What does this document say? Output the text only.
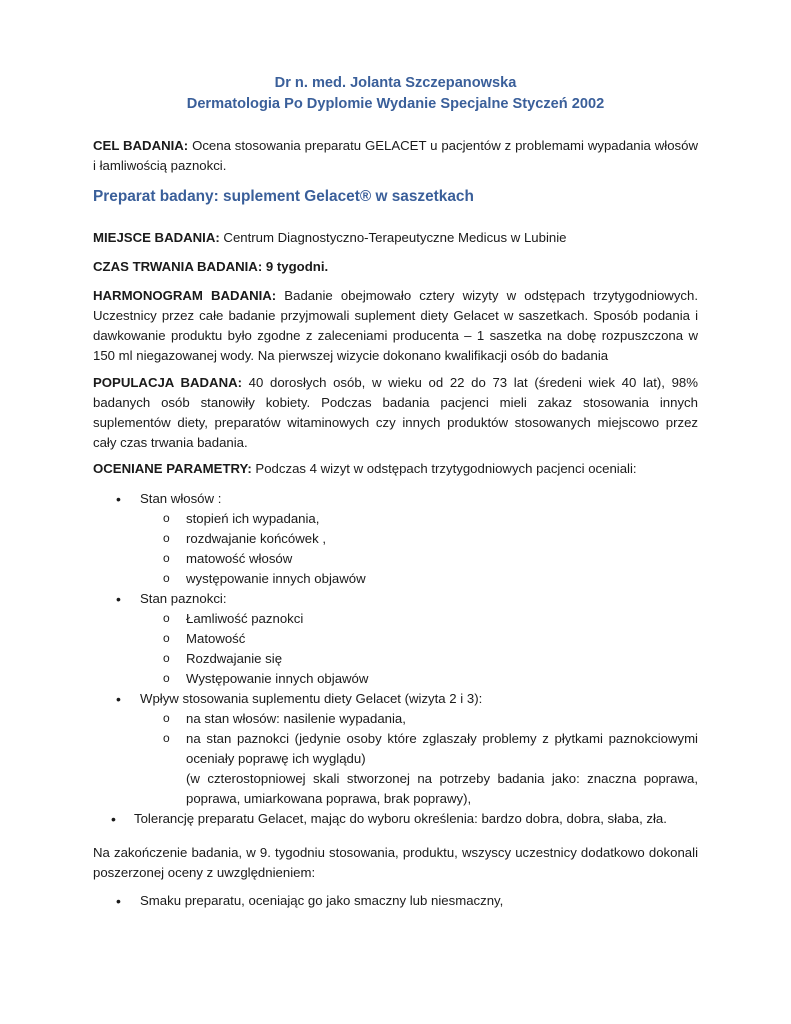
Dr n. med. Jolanta Szczepanowska
Dermatologia Po Dyplomie Wydanie Specjalne Styczeń 2002

CEL BADANIA: Ocena stosowania preparatu GELACET u pacjentów z problemami wypadania włosów i łamliwością paznokci.

Preparat badany: suplement Gelacet® w saszetkach

MIEJSCE BADANIA: Centrum Diagnostyczno-Terapeutyczne Medicus w Lubinie

CZAS TRWANIA BADANIA: 9 tygodni.

HARMONOGRAM BADANIA: Badanie obejmowało cztery wizyty w odstępach trzytygodniowych. Uczestnicy przez całe badanie przyjmowali suplement diety Gelacet w saszetkach. Sposób podania i dawkowanie produktu było zgodne z zaleceniami producenta – 1 saszetka na dobę rozpuszczona w 150 ml niegazowanej wody. Na pierwszej wizycie dokonano kwalifikacji osób do badania

POPULACJA BADANA: 40 dorosłych osób, w wieku od 22 do 73 lat (średeni wiek 40 lat), 98% badanych osób stanowiły kobiety. Podczas badania pacjenci mieli zakaz stosowania innych suplementów diety, preparatów witaminowych czy innych produktów stosowanych miejscowo przez cały czas trwania badania.

OCENIANE PARAMETRY: Podczas 4 wizyt w odstępach trzytygodniowych pacjenci oceniali:

• Stan włosów :
o stopień ich wypadania,
o rozdwajanie końcówek ,
o matowość włosów
o występowanie innych objawów
• Stan paznokci:
o Łamliwość paznokci
o Matowość
o Rozdwajanie się
o Występowanie innych objawów
• Wpływ stosowania suplementu diety Gelacet (wizyta 2 i 3):
o na stan włosów: nasilenie wypadania,
o na stan paznokci (jedynie osoby które zglaszały problemy z płytkami paznokciowymi oceniały poprawę ich wyglądu)
(w czterostopniowej skali stworzonej na potrzeby badania jako: znaczna poprawa, poprawa, umiarkowana poprawa, brak poprawy),
• Tolerancję preparatu Gelacet, mając do wyboru określenia: bardzo dobra, dobra, słaba, zła.

Na zakończenie badania, w 9. tygodniu stosowania, produktu, wszyscy uczestnicy dodatkowo dokonali poszerzonej oceny z uwzględnieniem:

• Smaku preparatu, oceniając go jako smaczny lub niesmaczny,
